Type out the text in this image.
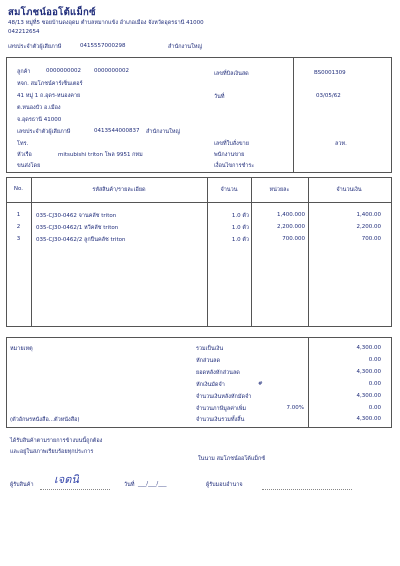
สมโภชน์ออโต้แม็กซ์
48/13 หมู่ที่5 ซอยบ้านดงอุดม ตำบลหมากแข้ง อำเภอเมือง จังหวัดอุดรธานี 41000
042212654
เลขประจำตัวผู้เสียภาษี	0415557000298	สำนักงานใหญ่
ลูกค้า	0000000002 0000000002
หจก. สมโภชน์คาร์เซ็นเตอร์
41 หมู่ 1 ถ.อุดร-หนองคาย
ต.หนองบัว อ.เมือง
จ.อุดรธานี 41000
เลขประจำตัวผู้เสียภาษี	0413544000837 สำนักงานใหญ่
โทร.
หัวเรือ	mitsubishi triton โพล 9951 กทม
ขนส่งโดย
เลขที่บิลเงินสด	BS0001309
วันที่	03/05/62
เลขที่ใบสั่งขาย	ลวท.
พนักงานขาย
เงื่อนไขการชำระ
No.	รหัสสินค้า/รายละเอียด	จำนวน	หน่วยละ	จำนวนเงิน
1	035-CJ30-0462 จานคลัช triton	1.0 ตัว	1,400.000	1,400.00
2	035-CJ30-0462/1 หวีคลัช triton	1.0 ตัว	2,200.000	2,200.00
3	035-CJ30-0462/2 ลูกปืนคลัช triton	1.0 ตัว	700.000	700.00
หมายเหตุ
(ตัวอักษรหนังสือ...ตัวหนังสือ)
รวมเป็นเงิน	4,300.00
หักส่วนลด	0.00
ยอดหลังหักส่วนลด	4,300.00
หักเงินมัดจำ	#	0.00
จำนวนเงินหลังหักมัดจำ	4,300.00
จำนวนภาษีมูลค่าเพิ่ม	7.00%	0.00
จำนวนเงินรวมทั้งสิ้น	4,300.00
ได้รับสินค้าตามรายการข้างบนนี้ถูกต้อง
และอยู่ในสภาพเรียบร้อยทุกประการ
ในนาม สมโภชน์ออโต้แม็กซ์
ผู้รับสินค้า เจตนิ	วันที่ ___/___/___	ผู้รับมอบอำนาจ
